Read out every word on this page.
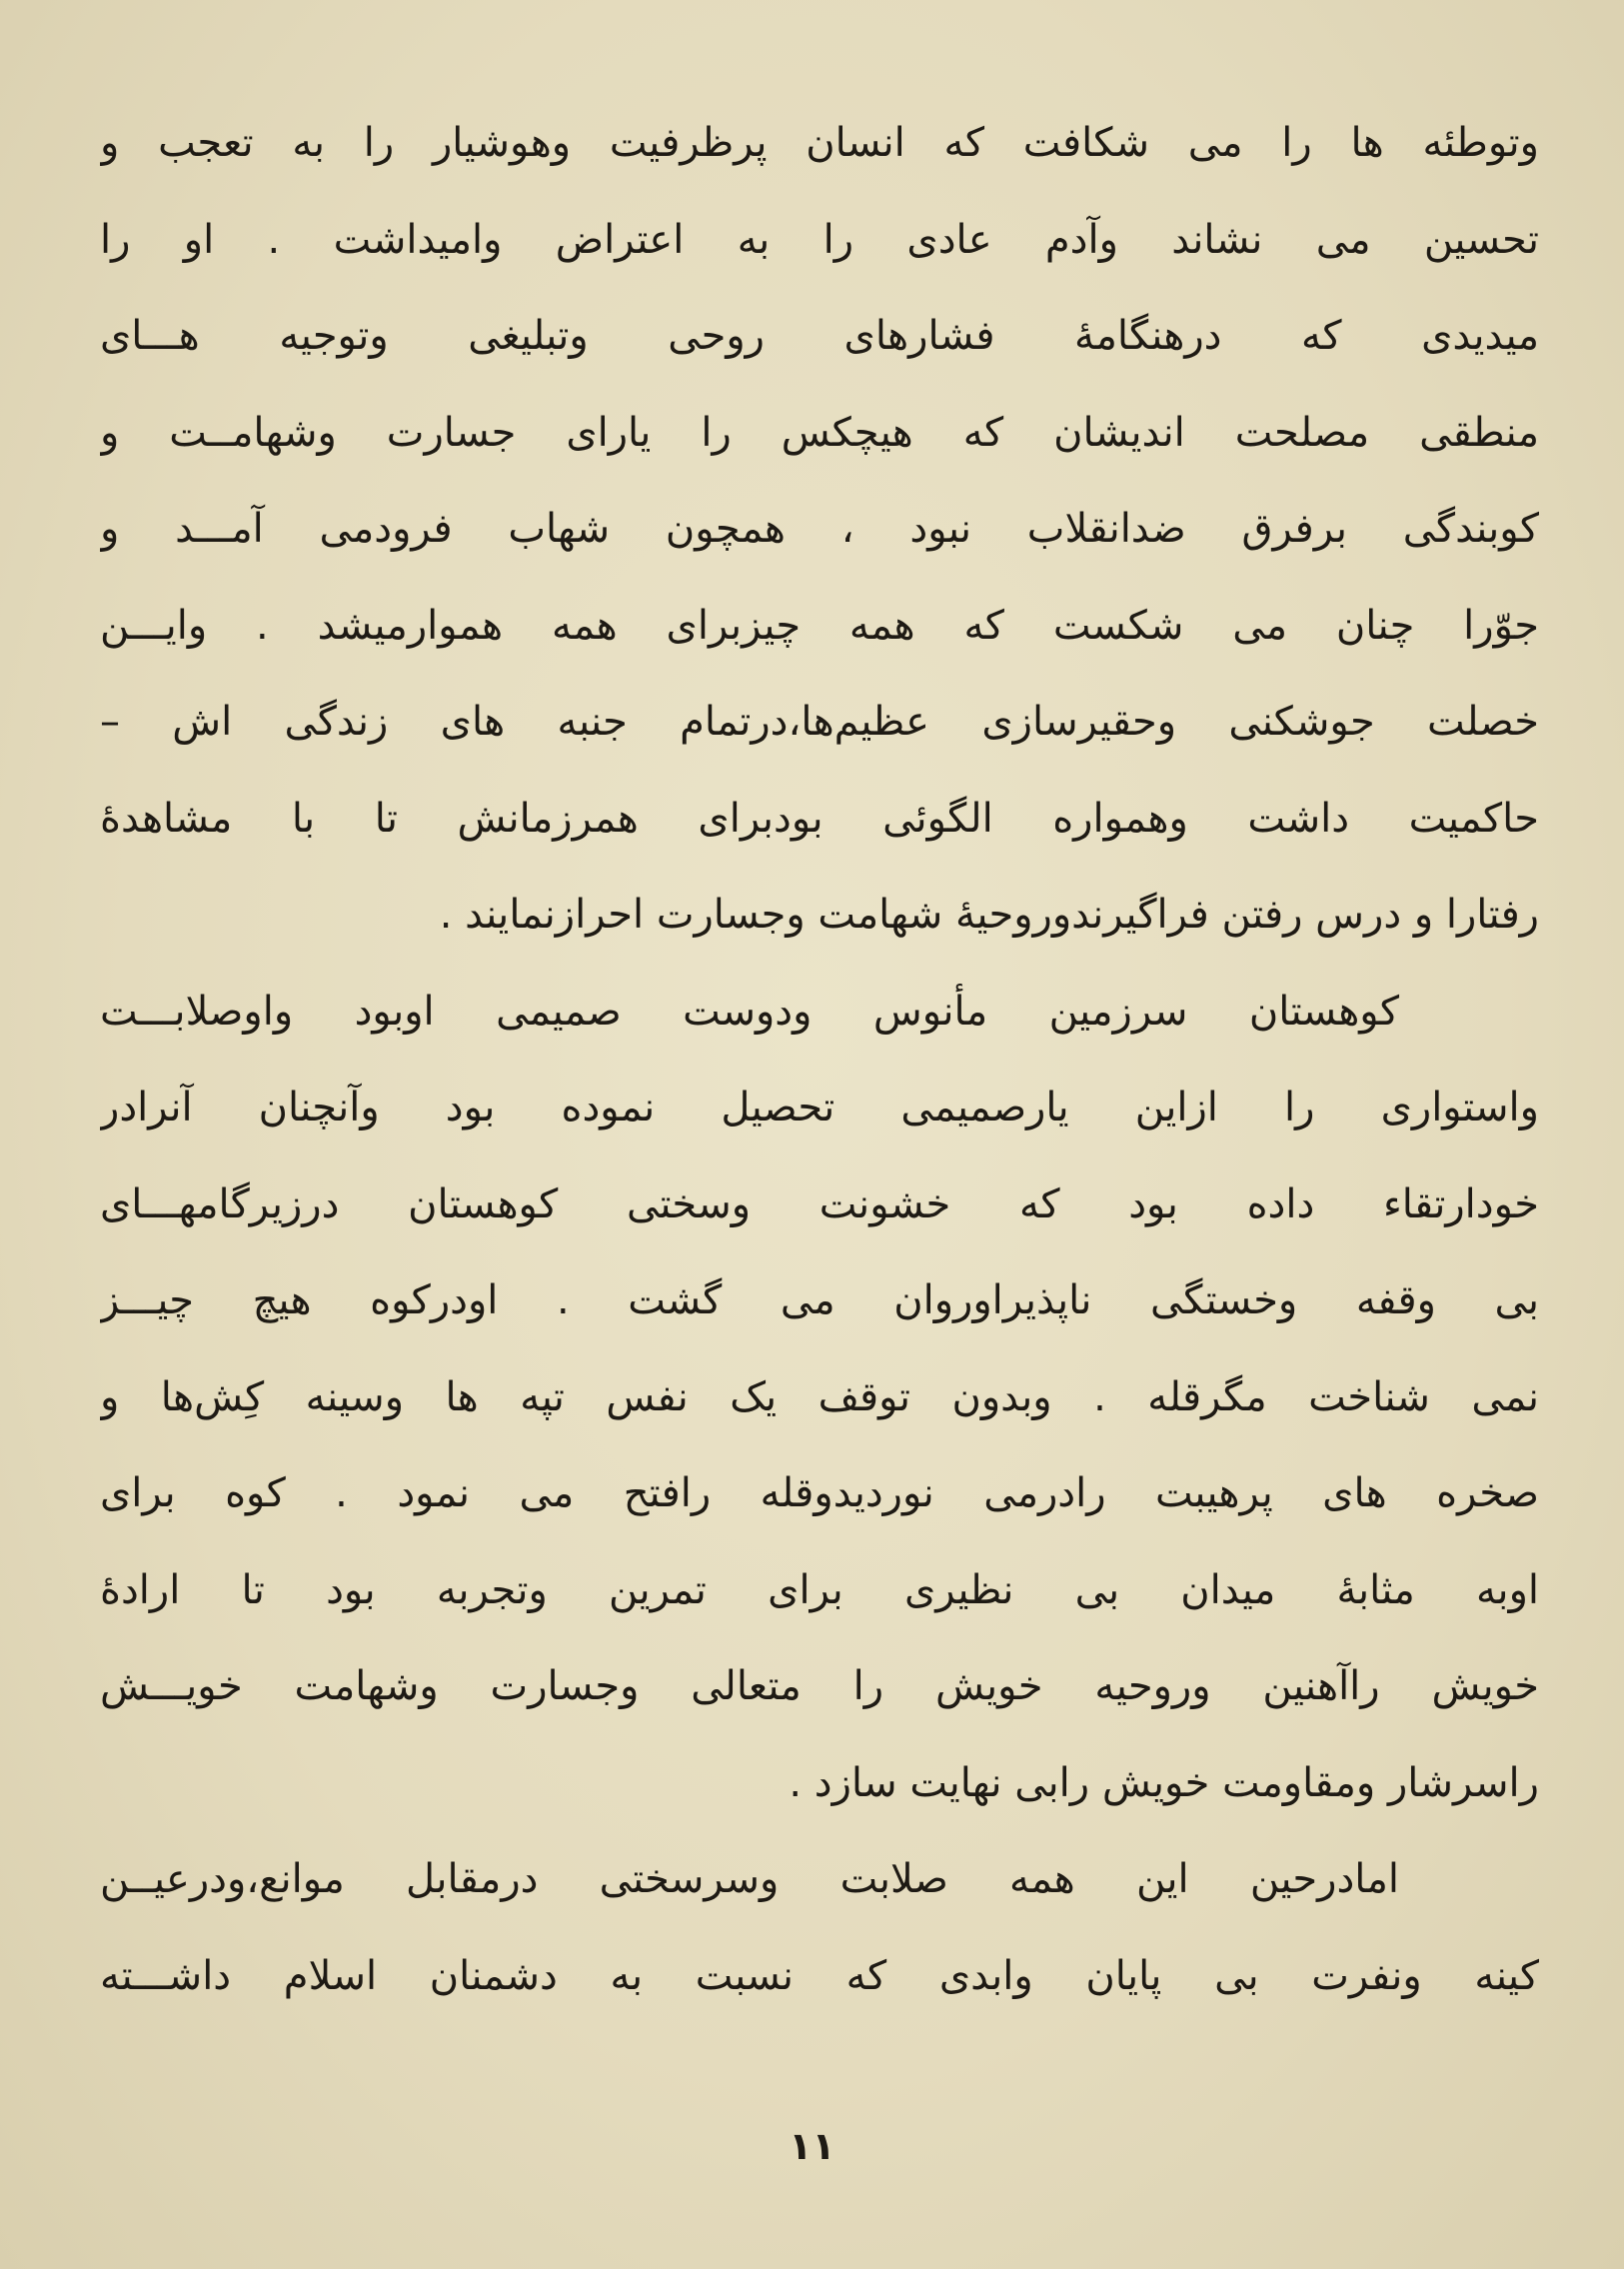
وتوطئه ها را می شکافت که انسان پرظرفیت وهوشیار را به تعجب و
تحسین می نشاند وآدم عادی را به اعتراض وامیداشت . او را
میدیدی که درهنگامهٔ فشارهای روحی وتبلیغی وتوجیه هـــای
منطقی مصلحت اندیشان که هیچکس را یارای جسارت وشهامــت و
کوبندگی برفرق ضدانقلاب نبود ، همچون شهاب فرودمی آمـــد و
جوّرا چنان می شکست که همه چیزبرای همه هموارمیشد . وایـــن
خصلت جوشکنی وحقیرسازی عظیم‌ها،درتمام جنبه های زندگی اش –
حاکمیت داشت وهمواره الگوئی بودبرای همرزمانش تا با مشاهدهٔ
رفتارا و درس رفتن فراگیرندوروحیهٔ شهامت وجسارت احرازنمایند .
کوهستان سرزمین مأنوس ودوست صمیمی اوبود واوصلابـــت
واستواری را ازاین یارصمیمی تحصیل نموده بود وآنچنان آنرادر
خودارتقاء داده بود که خشونت وسختی کوهستان درزیرگامهـــای
بی وقفه وخستگی ناپذیراوروان می گشت . اودرکوه هیچ چیـــز
نمی شناخت مگرقله . وبدون توقف یک نفس تپه ها وسینه کِش‌ها و
صخره های پرهیبت رادرمی نوردیدوقله رافتح می نمود . کوه برای
اوبه مثابهٔ میدان بی نظیری برای تمرین وتجربه بود تا ارادهٔ
خویش راآهنین وروحیه خویش را متعالی وجسارت وشهامت خویـــش
راسرشار ومقاومت خویش رابی نهایت سازد .
امادرحین این همه صلابت وسرسختی درمقابل موانع،ودرعیــن
کینه ونفرت بی پایان وابدی که نسبت به دشمنان اسلام داشـــته
۱۱
